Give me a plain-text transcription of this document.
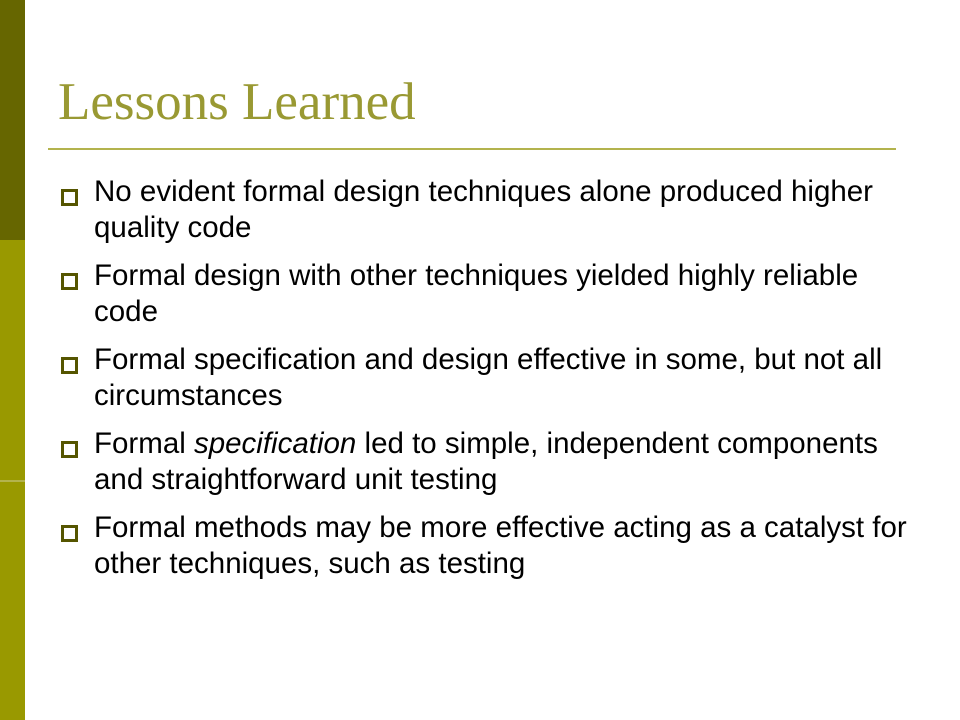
Lessons Learned
No evident formal design techniques alone produced higher quality code
Formal design with other techniques yielded highly reliable code
Formal specification and design effective in some, but not all circumstances
Formal specification led to simple, independent components and straightforward unit testing
Formal methods may be more effective acting as a catalyst for other techniques, such as testing
